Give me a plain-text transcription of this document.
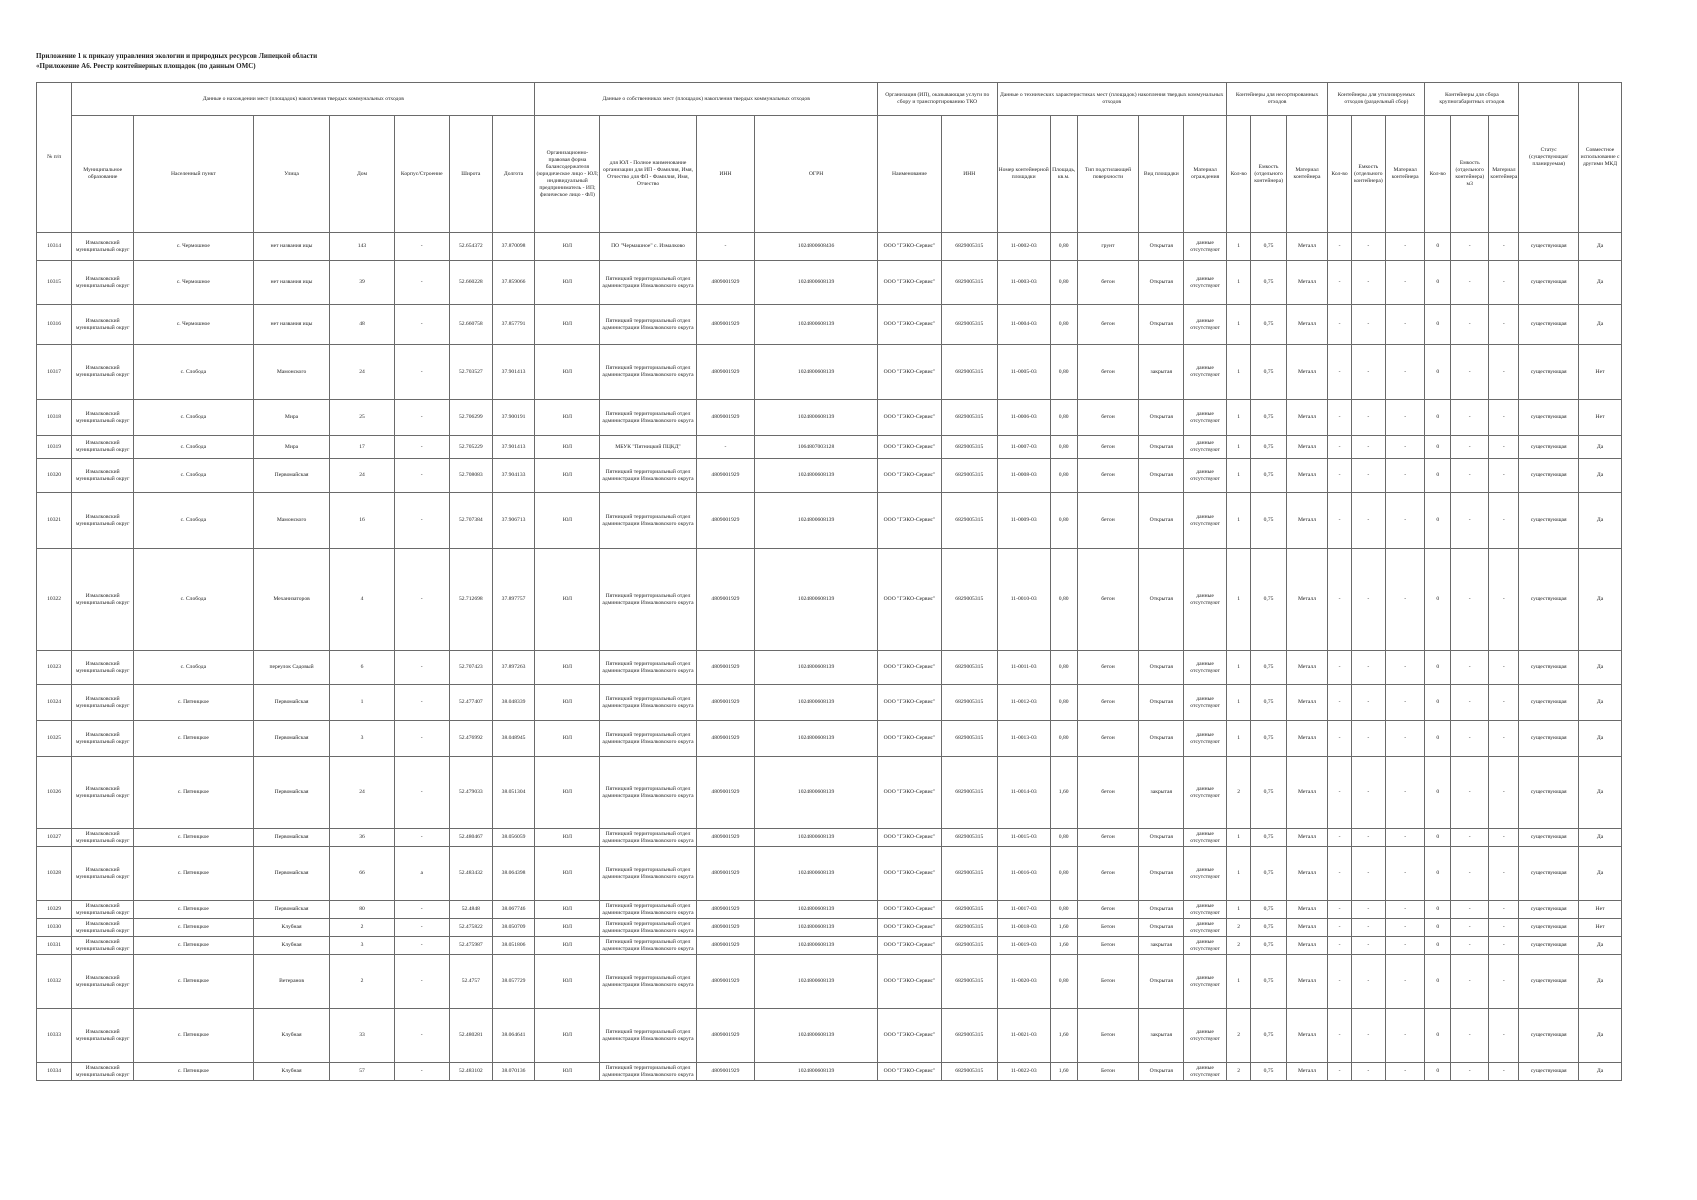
Приложение 1 к приказу управления экологии и природных ресурсов Липецкой области
«Приложение А6. Реестр контейнерных площадок (по данным ОМС)
№ п/п	Данные о нахождении мест (площадок) накопления твердых коммунальных отходов							Данные о собственниках мест (площадок) накопления твердых коммунальных отходов				Организация (ИП), оказывающая услуги по сбору и транспортированию ТКО		Данные о технических характеристиках мест (площадок) накопления твердых коммунальных отходов					Контейнеры для несортированных отходов			Контейнеры для утилизируемых отходов (раздельный сбор)			Контейнеры для сбора крупногабаритных отходов			Статус (существующая/планируемая)	Совместное использование с другими МКД
	Муниципальное образование	Населенный пункт	Улица	Дом	Корпус/Строение	Широта	Долгота	Организационно-правовая форма балансодержателя (юридическое лицо - ЮЛ; индивидуальный предприниматель - ИП; физическое лицо - ФЛ)	для ЮЛ - Полное наименование организации для ИП - Фамилия, Имя, Отчество для ФЛ - Фамилия, Имя, Отчество	ИНН	ОГРН	Наименование	ИНН	Номер контейнерной площадки	Площадь, кв.м.	Тип подстилающей поверхности	Вид площадки	Материал ограждения	Кол-во	Емкость (отдельного контейнера)	Материал контейнера	Кол-во	Емкость (отдельного контейнера)	Материал контейнера	Кол-во	Емкость (отдельного контейнера) м3	Материал контейнера		
10314	Измалковский муниципальный округ	с. Чермошное	нет названия ицы	143	-	52.654372	37.870098	ЮЛ	ПО "Чермашное" с. Измалково	-	1024800608436	ООО "ГЭКО-Сервис"	6829005315	11-0002-03	0,80	грунт	Открытая	данные отсутствуют	1	0,75	Металл	-	-	-	0	-	-	существующая	Да
10315	Измалковский муниципальный округ	с. Чермошное	нет названия ицы	39	-	52.660228	37.859066	ЮЛ	Пятницкий территориальный отдел администрации Измалковского округа	4809001929	1024800608139	ООО "ГЭКО-Сервис"	6829005315	11-0003-03	0,80	бетон	Открытая	данные отсутствуют	1	0,75	Металл	-	-	-	0	-	-	существующая	Да
10316	Измалковский муниципальный округ	с. Чермошное	нет названия ицы	48	-	52.660758	37.857791	ЮЛ	Пятницкий территориальный отдел администрации Измалковского округа	4809001929	1024800608139	ООО "ГЭКО-Сервис"	6829005315	11-0004-03	0,80	бетон	Открытая	данные отсутствуют	1	0,75	Металл	-	-	-	0	-	-	существующая	Да
10317	Измалковский муниципальный округ	с. Слобода	Мамонского	24	-	52.703527	37.901413	ЮЛ	Пятницкий территориальный отдел администрации Измалковского округа	4809001929	1024800608139	ООО "ГЭКО-Сервис"	6829005315	11-0005-03	0,80	бетон	закрытая	данные отсутствуют	1	0,75	Металл	-	-	-	0	-	-	существующая	Нет
10318	Измалковский муниципальный округ	с. Слобода	Мира	25	-	52.706299	37.900191	ЮЛ	Пятницкий территориальный отдел администрации Измалковского округа	4809001929	1024800608139	ООО "ГЭКО-Сервис"	6829005315	11-0006-03	0,80	бетон	Открытая	данные отсутствуют	1	0,75	Металл	-	-	-	0	-	-	существующая	Нет
10319	Измалковский муниципальный округ	с. Слобода	Мира	17	-	52.705229	37.901413	ЮЛ	МБУК "Пятницкий ПЦКД"	-	1064807003128	ООО "ГЭКО-Сервис"	6829005315	11-0007-03	0,80	бетон	Открытая	данные отсутствуют	1	0,75	Металл	-	-	-	0	-	-	существующая	Да
10320	Измалковский муниципальный округ	с. Слобода	Первомайская	24	-	52.708083	37.904133	ЮЛ	Пятницкий территориальный отдел администрации Измалковского округа	4809001929	1024800608139	ООО "ГЭКО-Сервис"	6829005315	11-0008-03	0,80	бетон	Открытая	данные отсутствуют	1	0,75	Металл	-	-	-	0	-	-	существующая	Да
10321	Измалковский муниципальный округ	с. Слобода	Мамонского	16	-	52.707384	37.906713	ЮЛ	Пятницкий территориальный отдел администрации Измалковского округа	4809001929	1024800608139	ООО "ГЭКО-Сервис"	6829005315	11-0009-03	0,80	бетон	Открытая	данные отсутствуют	1	0,75	Металл	-	-	-	0	-	-	существующая	Да
10322	Измалковский муниципальный округ	с. Слобода	Механизаторов	4	-	52.712698	37.897757	ЮЛ	Пятницкий территориальный отдел администрации Измалковского округа	4809001929	1024800608139	ООО "ГЭКО-Сервис"	6829005315	11-0010-03	0,80	бетон	Открытая	данные отсутствуют	1	0,75	Металл	-	-	-	0	-	-	существующая	Да
10323	Измалковский муниципальный округ	с. Слобода	переулок Садовый	6	-	52.707423	37.897263	ЮЛ	Пятницкий территориальный отдел администрации Измалковского округа	4809001929	1024800608139	ООО "ГЭКО-Сервис"	6829005315	11-0011-03	0,80	бетон	Открытая	данные отсутствуют	1	0,75	Металл	-	-	-	0	-	-	существующая	Да
10324	Измалковский муниципальный округ	с. Пятницкое	Первомайская	1	-	52.477407	38.048339	ЮЛ	Пятницкий территориальный отдел администрации Измалковского округа	4809001929	1024800608139	ООО "ГЭКО-Сервис"	6829005315	11-0012-03	0,80	бетон	Открытая	данные отсутствуют	1	0,75	Металл	-	-	-	0	-	-	существующая	Да
10325	Измалковский муниципальный округ	с. Пятницкое	Первомайская	3	-	52.476992	38.048945	ЮЛ	Пятницкий территориальный отдел администрации Измалковского округа	4809001929	1024800608139	ООО "ГЭКО-Сервис"	6829005315	11-0013-03	0,80	бетон	Открытая	данные отсутствуют	1	0,75	Металл	-	-	-	0	-	-	существующая	Да
10326	Измалковский муниципальный округ	с. Пятницкое	Первомайская	24	-	52.479033	38.051304	ЮЛ	Пятницкий территориальный отдел администрации Измалковского округа	4809001929	1024800608139	ООО "ГЭКО-Сервис"	6829005315	11-0014-03	1,60	бетон	закрытая	данные отсутствуют	2	0,75	Металл	-	-	-	0	-	-	существующая	Да
10327	Измалковский муниципальный округ	с. Пятницкое	Первомайская	36	-	52.480467	38.056059	ЮЛ	Пятницкий территориальный отдел администрации Измалковского округа	4809001929	1024800608139	ООО "ГЭКО-Сервис"	6829005315	11-0015-03	0,80	бетон	Открытая	данные отсутствуют	1	0,75	Металл	-	-	-	0	-	-	существующая	Да
10328	Измалковский муниципальный округ	с. Пятницкое	Первомайская	66	а	52.483432	38.064398	ЮЛ	Пятницкий территориальный отдел администрации Измалковского округа	4809001929	1024800608139	ООО "ГЭКО-Сервис"	6829005315	11-0016-03	0,80	бетон	Открытая	данные отсутствуют	1	0,75	Металл	-	-	-	0	-	-	существующая	Да
10329	Измалковский муниципальный округ	с. Пятницкое	Первомайская	80	-	52.4848	38.067746	ЮЛ	Пятницкий территориальный отдел администрации Измалковского округа	4809001929	1024800608139	ООО "ГЭКО-Сервис"	6829005315	11-0017-03	0,80	бетон	Открытая	данные отсутствуют	1	0,75	Металл	-	-	-	0	-	-	существующая	Нет
10330	Измалковский муниципальный округ	с. Пятницкое	Клубная	2	-	52.475822	38.050709	ЮЛ	Пятницкий территориальный отдел администрации Измалковского округа	4809001929	1024800608139	ООО "ГЭКО-Сервис"	6829005315	11-0018-03	1,60	Бетон	Открытая	данные отсутствуют	2	0,75	Металл	-	-	-	0	-	-	существующая	Нет
10331	Измалковский муниципальный округ	с. Пятницкое	Клубная	3	-	52.475987	38.051806	ЮЛ	Пятницкий территориальный отдел администрации Измалковского округа	4809001929	1024800608139	ООО "ГЭКО-Сервис"	6829005315	11-0019-03	1,60	Бетон	закрытая	данные отсутствуют	2	0,75	Металл	-	-	-	0	-	-	существующая	Да
10332	Измалковский муниципальный округ	с. Пятницкое	Ветеранов	2	-	52.4757	38.057729	ЮЛ	Пятницкий территориальный отдел администрации Измалковского округа	4809001929	1024800608139	ООО "ГЭКО-Сервис"	6829005315	11-0020-03	0,80	Бетон	Открытая	данные отсутствуют	1	0,75	Металл	-	-	-	0	-	-	существующая	Да
10333	Измалковский муниципальный округ	с. Пятницкое	Клубная	33	-	52.480281	38.064641	ЮЛ	Пятницкий территориальный отдел администрации Измалковского округа	4809001929	1024800608139	ООО "ГЭКО-Сервис"	6829005315	11-0021-03	1,60	Бетон	закрытая	данные отсутствуют	2	0,75	Металл	-	-	-	0	-	-	существующая	Да
10334	Измалковский муниципальный округ	с. Пятницкое	Клубная	57	-	52.483102	38.070136	ЮЛ	Пятницкий территориальный отдел администрации Измалковского округа	4809001929	1024800608139	ООО "ГЭКО-Сервис"	6829005315	11-0022-03	1,60	Бетон	Открытая	данные отсутствуют	2	0,75	Металл	-	-	-	0	-	-	существующая	Да
